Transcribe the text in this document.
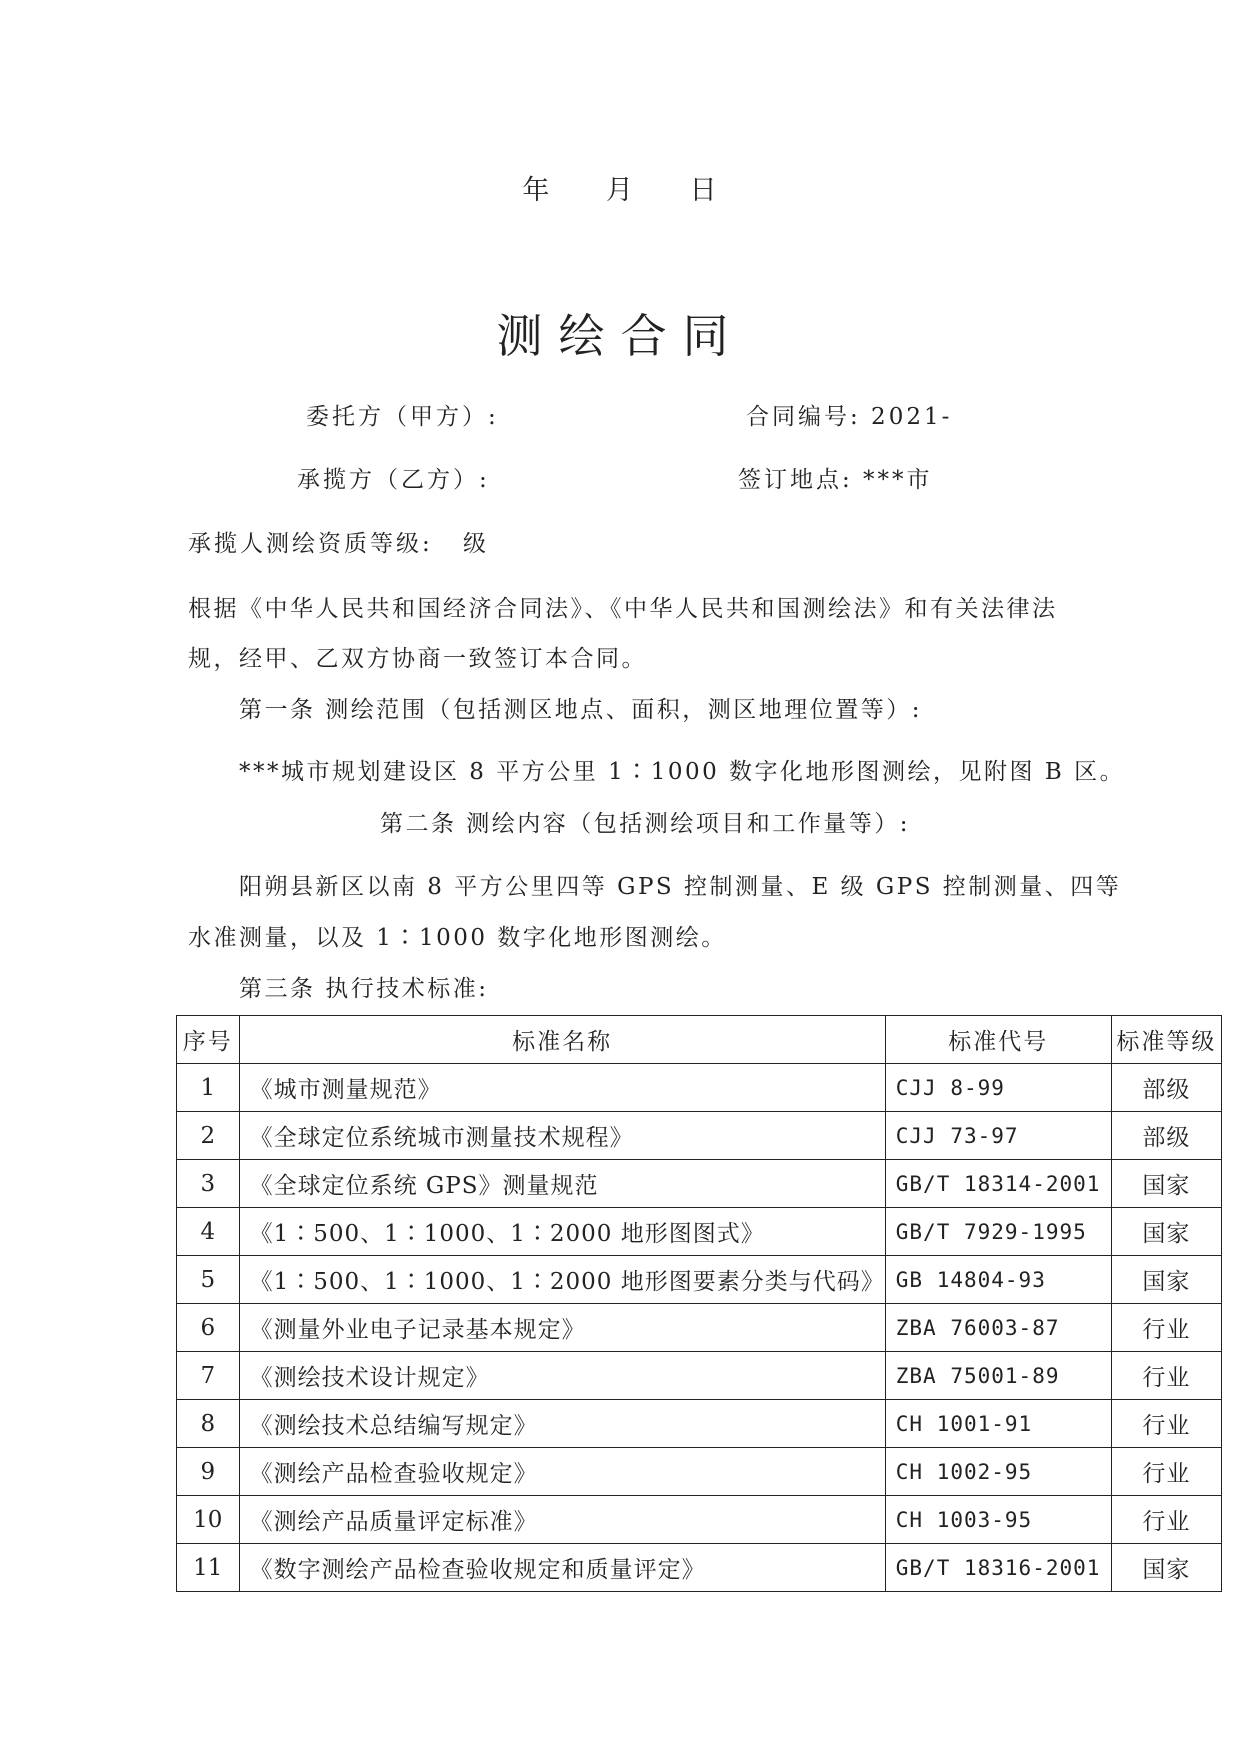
年 月 日
测绘合同
委托方（甲方）:	合同编号: 2021-
承揽方（乙方）:	签订地点: ***市
承揽人测绘资质等级: 级
根据《中华人民共和国经济合同法》、《中华人民共和国测绘法》和有关法律法
规，经甲、乙双方协商一致签订本合同。
第一条 测绘范围（包括测区地点、面积，测区地理位置等）:
***城市规划建设区 8 平方公里 1∶1000 数字化地形图测绘，见附图 B 区。
第二条 测绘内容（包括测绘项目和工作量等）:
阳朔县新区以南 8 平方公里四等 GPS 控制测量、E 级 GPS 控制测量、四等
水准测量，以及 1∶1000 数字化地形图测绘。
第三条 执行技术标准:
序号	标准名称	标准代号	标准等级
1	《城市测量规范》	CJJ 8-99	部级
2	《全球定位系统城市测量技术规程》	CJJ 73-97	部级
3	《全球定位系统 GPS》测量规范	GB/T 18314-2001	国家
4	《1∶500、1∶1000、1∶2000 地形图图式》	GB/T 7929-1995	国家
5	《1∶500、1∶1000、1∶2000 地形图要素分类与代码》	GB 14804-93	国家
6	《测量外业电子记录基本规定》	ZBA 76003-87	行业
7	《测绘技术设计规定》	ZBA 75001-89	行业
8	《测绘技术总结编写规定》	CH 1001-91	行业
9	《测绘产品检查验收规定》	CH 1002-95	行业
10	《测绘产品质量评定标准》	CH 1003-95	行业
11	《数字测绘产品检查验收规定和质量评定》	GB/T 18316-2001	国家
